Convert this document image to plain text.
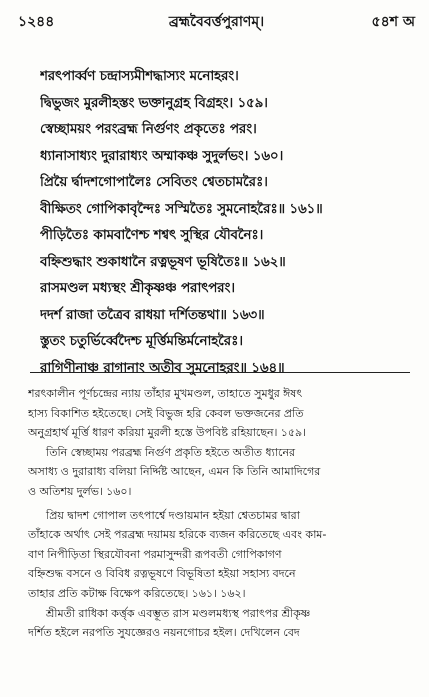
১২৪৪	ব্রহ্মবৈবর্ত্তপুরাণম্।	৫৪শ অ
শরৎপার্ব্বণ চন্দ্রাস্যমীশদ্ধাস্যং মনোহরং।
দ্বিভুজং মুরলীহস্তং ভক্তানুগ্রহ বিগ্রহং। ১৫৯।
স্বেচ্ছাময়ং পরংব্রহ্ম নির্গুণং প্রকৃতেঃ পরং।
ধ্যানাসাধ্যং দুরারাধ্যং অম্মাকঞ্চ সুদুর্লভং। ১৬০।
প্রিয়ৈ র্দ্বাদশগোপালৈঃ সেবিতং শ্বেতচামরৈঃ।
বীক্ষিতং গোপিকাবৃন্দৈঃ সস্মিতৈঃ সুমনোহরৈঃ॥ ১৬১॥
পীড়িতৈঃ কামবাণৈশ্চ শশ্বৎ সুস্থির যৌবনৈঃ।
বহ্নিশুদ্ধাং শুকাধানৈ রত্নভূষণ ভূষিতৈঃ॥ ১৬২॥
রাসমণ্ডল মধ্যস্থং শ্রীকৃষ্ণঞ্চ পরাৎপরং।
দদর্শ রাজা তত্রৈব রাধয়া দর্শিতন্তথা॥ ১৬৩॥
স্তুতং চতুর্ভির্ব্বেদৈশ্চ মূর্ত্তিমন্তির্মনোহরৈঃ।
রাগিণীনাঞ্চ রাগানাং অতীব সুমনোহরং॥ ১৬৪॥
শরৎকালীন পূর্ণচন্দ্রের ন্যায় তাঁহার মুখমণ্ডল, তাহাতে সুমধুর ঈষৎ
হাস্য বিকাশিত হইতেছে। সেই বিভুজ হরি কেবল ভক্তজনের প্রতি
অনুগ্রহার্থ মূর্ত্তি ধারণ করিয়া মুরলী হস্তে উপবিষ্ট রহিয়াছেন। ১৫৯।
তিনি স্বেচ্ছাময় পরব্রহ্ম নির্গুণ প্রকৃতি হইতে অতীত ধ্যানের
অসাধ্য ও দুরারাধ্য বলিয়া নির্দ্দিষ্ট আছেন, এমন কি তিনি আমাদিগের
ও অতিশয় দুর্লভ। ১৬০।
প্রিয় দ্বাদশ গোপাল তৎপার্শ্বে দণ্ডায়মান হইয়া শ্বেতচামর দ্বারা
তাঁহাকে অর্থাৎ সেই পরব্রহ্ম দয়াময় হরিকে ব্যজন করিতেছে এবং কাম-
বাণ নিপীড়িতা স্থিরযৌবনা পরমাসুন্দরী রূপবতী গোপিকাগণ
বহ্নিশুদ্ধ বসনে ও বিবিধ রত্নভূষণে বিভূষিতা হইয়া সহাস্য বদনে
তাহার প্রতি কটাক্ষ বিক্ষেপ করিতেছে। ১৬১। ১৬২।
শ্রীমতী রাধিকা কর্ত্তৃক এবম্ভূত রাস মণ্ডলমধ্যস্থ পরাৎপর শ্রীকৃষ্ণ
দর্শিত হইলে নরপতি সুযজ্ঞেরও নয়নগোচর হইল। দেখিলেন বেদ
